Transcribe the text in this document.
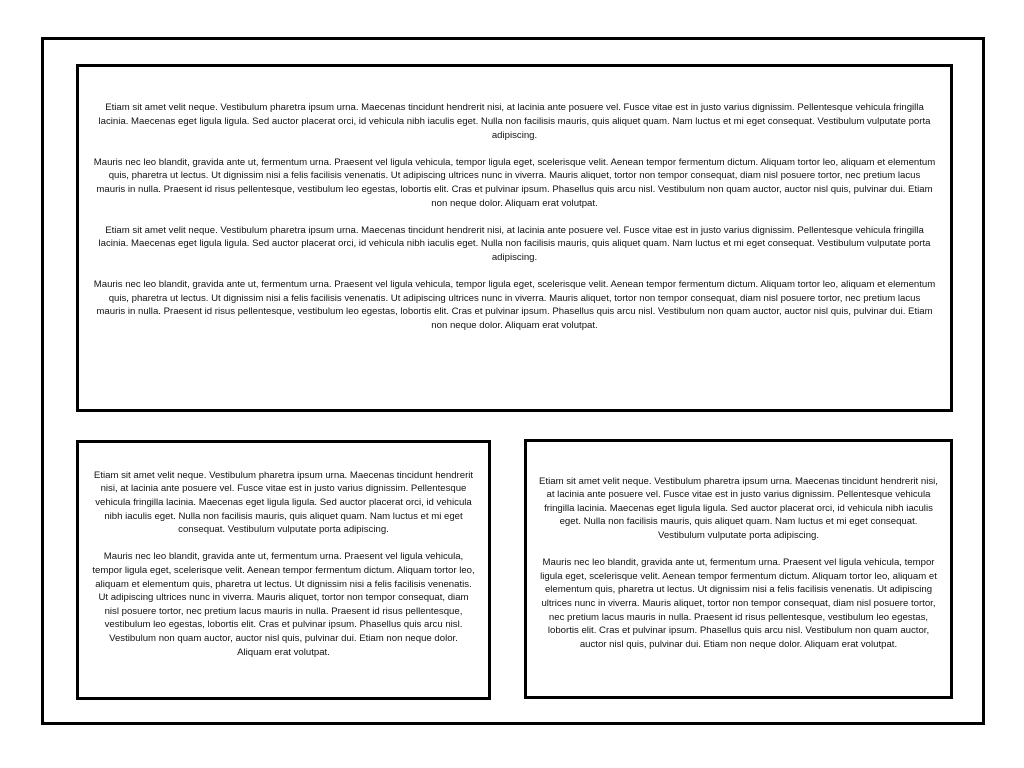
Etiam sit amet velit neque. Vestibulum pharetra ipsum urna. Maecenas tincidunt hendrerit nisi, at lacinia ante posuere vel. Fusce vitae est in justo varius dignissim. Pellentesque vehicula fringilla lacinia. Maecenas eget ligula ligula. Sed auctor placerat orci, id vehicula nibh iaculis eget. Nulla non facilisis mauris, quis aliquet quam. Nam luctus et mi eget consequat. Vestibulum vulputate porta adipiscing.

Mauris nec leo blandit, gravida ante ut, fermentum urna. Praesent vel ligula vehicula, tempor ligula eget, scelerisque velit. Aenean tempor fermentum dictum. Aliquam tortor leo, aliquam et elementum quis, pharetra ut lectus. Ut dignissim nisi a felis facilisis venenatis. Ut adipiscing ultrices nunc in viverra. Mauris aliquet, tortor non tempor consequat, diam nisl posuere tortor, nec pretium lacus mauris in nulla. Praesent id risus pellentesque, vestibulum leo egestas, lobortis elit. Cras et pulvinar ipsum. Phasellus quis arcu nisl. Vestibulum non quam auctor, auctor nisl quis, pulvinar dui. Etiam non neque dolor. Aliquam erat volutpat.

Etiam sit amet velit neque. Vestibulum pharetra ipsum urna. Maecenas tincidunt hendrerit nisi, at lacinia ante posuere vel. Fusce vitae est in justo varius dignissim. Pellentesque vehicula fringilla lacinia. Maecenas eget ligula ligula. Sed auctor placerat orci, id vehicula nibh iaculis eget. Nulla non facilisis mauris, quis aliquet quam. Nam luctus et mi eget consequat. Vestibulum vulputate porta adipiscing.

Mauris nec leo blandit, gravida ante ut, fermentum urna. Praesent vel ligula vehicula, tempor ligula eget, scelerisque velit. Aenean tempor fermentum dictum. Aliquam tortor leo, aliquam et elementum quis, pharetra ut lectus. Ut dignissim nisi a felis facilisis venenatis. Ut adipiscing ultrices nunc in viverra. Mauris aliquet, tortor non tempor consequat, diam nisl posuere tortor, nec pretium lacus mauris in nulla. Praesent id risus pellentesque, vestibulum leo egestas, lobortis elit. Cras et pulvinar ipsum. Phasellus quis arcu nisl. Vestibulum non quam auctor, auctor nisl quis, pulvinar dui. Etiam non neque dolor. Aliquam erat volutpat.

Etiam sit amet velit neque. Vestibulum pharetra ipsum urna. Maecenas tincidunt hendrerit nisi, at lacinia ante posuere vel. Fusce vitae est in justo varius dignissim. Pellentesque vehicula fringilla lacinia. Maecenas eget ligula ligula. Sed auctor placerat orci, id vehicula nibh iaculis eget. Nulla non facilisis mauris, quis aliquet quam. Nam luctus et mi eget consequat. Vestibulum vulputate porta adipiscing.

Mauris nec leo blandit, gravida ante ut, fermentum urna. Praesent vel ligula vehicula, tempor ligula eget, scelerisque velit. Aenean tempor fermentum dictum. Aliquam tortor leo, aliquam et elementum quis, pharetra ut lectus. Ut dignissim nisi a felis facilisis venenatis. Ut adipiscing ultrices nunc in viverra. Mauris aliquet, tortor non tempor consequat, diam nisl posuere tortor, nec pretium lacus mauris in nulla. Praesent id risus pellentesque, vestibulum leo egestas, lobortis elit. Cras et pulvinar ipsum. Phasellus quis arcu nisl. Vestibulum non quam auctor, auctor nisl quis, pulvinar dui. Etiam non neque dolor. Aliquam erat volutpat.

Etiam sit amet velit neque. Vestibulum pharetra ipsum urna. Maecenas tincidunt hendrerit nisi, at lacinia ante posuere vel. Fusce vitae est in justo varius dignissim. Pellentesque vehicula fringilla lacinia. Maecenas eget ligula ligula. Sed auctor placerat orci, id vehicula nibh iaculis eget. Nulla non facilisis mauris, quis aliquet quam. Nam luctus et mi eget consequat. Vestibulum vulputate porta adipiscing.

Mauris nec leo blandit, gravida ante ut, fermentum urna. Praesent vel ligula vehicula, tempor ligula eget, scelerisque velit. Aenean tempor fermentum dictum. Aliquam tortor leo, aliquam et elementum quis, pharetra ut lectus. Ut dignissim nisi a felis facilisis venenatis. Ut adipiscing ultrices nunc in viverra. Mauris aliquet, tortor non tempor consequat, diam nisl posuere tortor, nec pretium lacus mauris in nulla. Praesent id risus pellentesque, vestibulum leo egestas, lobortis elit. Cras et pulvinar ipsum. Phasellus quis arcu nisl. Vestibulum non quam auctor, auctor nisl quis, pulvinar dui. Etiam non neque dolor. Aliquam erat volutpat.
